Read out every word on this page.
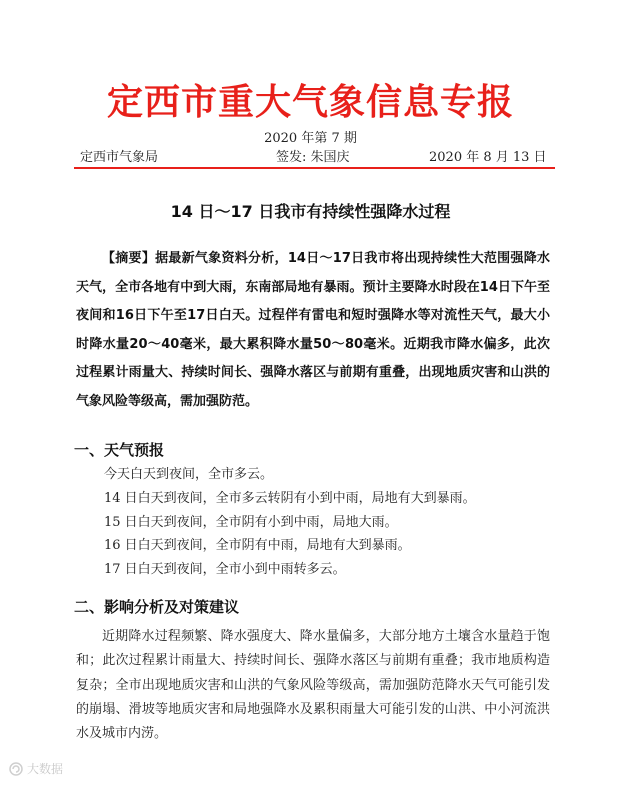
定西市重大气象信息专报
2020 年第 7 期
定西市气象局	签发: 朱国庆	2020 年 8 月 13 日
14 日～17 日我市有持续性强降水过程

【摘要】据最新气象资料分析，14日～17日我市将出现持续性大范围强降水天气，全市各地有中到大雨，东南部局地有暴雨。预计主要降水时段在14日下午至夜间和16日下午至17日白天。过程伴有雷电和短时强降水等对流性天气，最大小时降水量20～40毫米，最大累积降水量50～80毫米。近期我市降水偏多，此次过程累计雨量大、持续时间长、强降水落区与前期有重叠，出现地质灾害和山洪的气象风险等级高，需加强防范。

一、天气预报
今天白天到夜间，全市多云。
14 日白天到夜间，全市多云转阴有小到中雨，局地有大到暴雨。
15 日白天到夜间，全市阴有小到中雨，局地大雨。
16 日白天到夜间，全市阴有中雨，局地有大到暴雨。
17 日白天到夜间，全市小到中雨转多云。
二、影响分析及对策建议

近期降水过程频繁、降水强度大、降水量偏多，大部分地方土壤含水量趋于饱和；此次过程累计雨量大、持续时间长、强降水落区与前期有重叠；我市地质构造复杂；全市出现地质灾害和山洪的气象风险等级高，需加强防范降水天气可能引发的崩塌、滑坡等地质灾害和局地强降水及累积雨量大可能引发的山洪、中小河流洪水及城市内涝。

大数据
